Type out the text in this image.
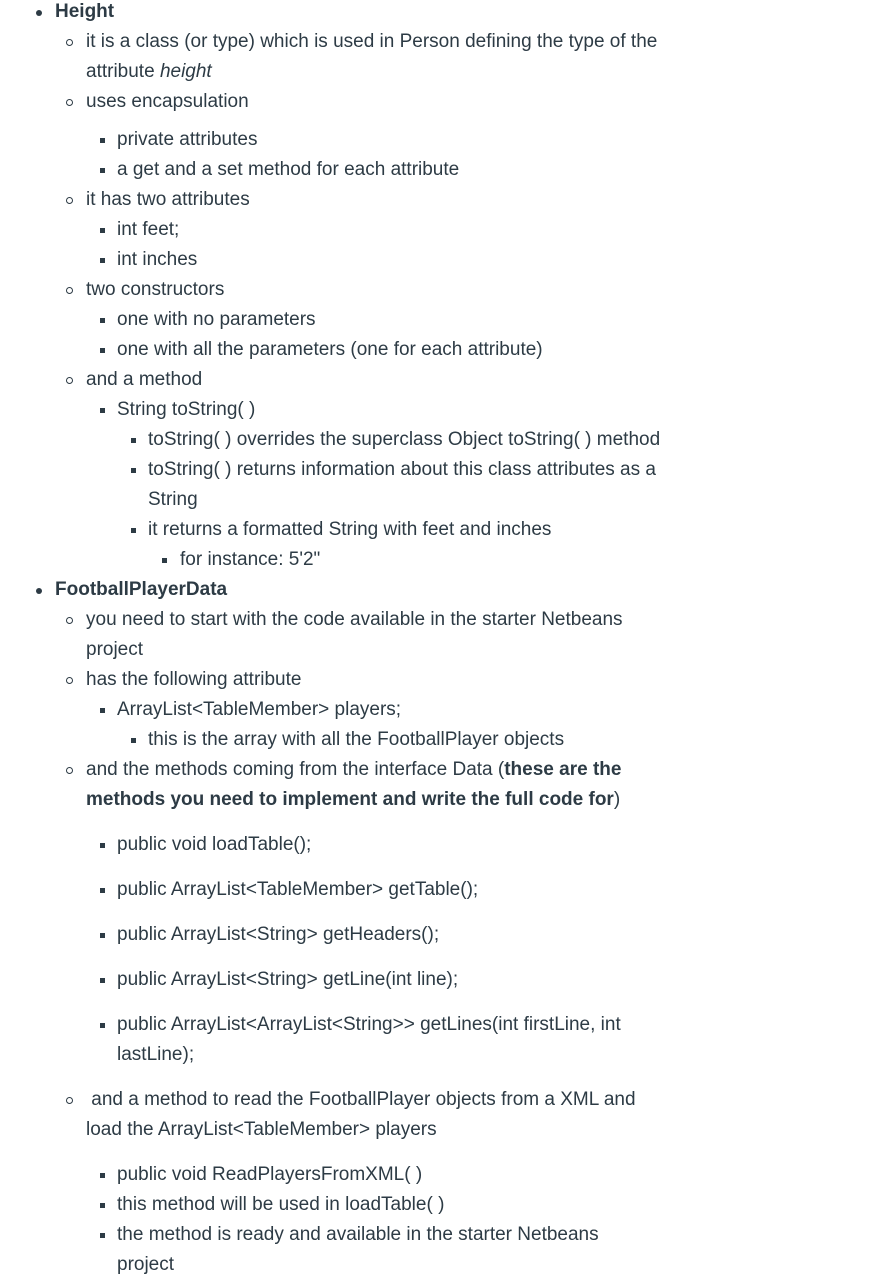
Height
it is a class (or type) which is used in Person defining the type of the
attribute height
uses encapsulation
private attributes
a get and a set method for each attribute
it has two attributes
int feet;
int inches
two constructors
one with no parameters
one with all the parameters (one for each attribute)
and a method
String toString( )
toString( ) overrides the superclass Object toString( ) method
toString( ) returns information about this class attributes as a
String
it returns a formatted String with feet and inches
for instance: 5'2"
FootballPlayerData
you need to start with the code available in the starter Netbeans
project
has the following attribute
ArrayList<TableMember> players;
this is the array with all the FootballPlayer objects
and the methods coming from the interface Data (these are the
methods you need to implement and write the full code for)
public void loadTable();
public ArrayList<TableMember> getTable();
public ArrayList<String> getHeaders();
public ArrayList<String> getLine(int line);
public ArrayList<ArrayList<String>> getLines(int firstLine, int
lastLine);
and a method to read the FootballPlayer objects from a XML and
load the ArrayList<TableMember> players
public void ReadPlayersFromXML( )
this method will be used in loadTable( )
the method is ready and available in the starter Netbeans
project
